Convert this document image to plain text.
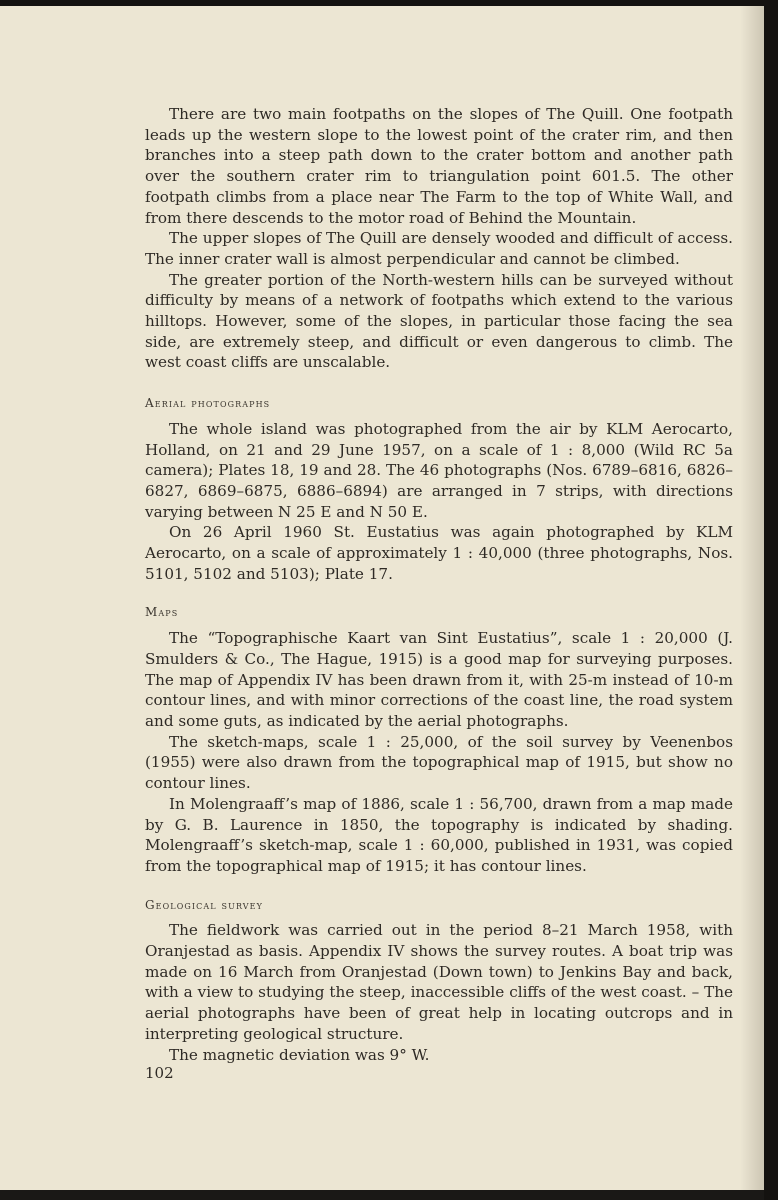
There are two main footpaths on the slopes of The Quill. One footpath leads up the western slope to the lowest point of the crater rim, and then branches into a steep path down to the crater bottom and another path over the southern crater rim to triangulation point 601.5. The other footpath climbs from a place near The Farm to the top of White Wall, and from there descends to the motor road of Behind the Mountain.

The upper slopes of The Quill are densely wooded and difficult of access. The inner crater wall is almost perpendicular and cannot be climbed.

The greater portion of the North-western hills can be surveyed without difficulty by means of a network of footpaths which extend to the various hilltops. However, some of the slopes, in particular those facing the sea side, are extremely steep, and difficult or even dangerous to climb. The west coast cliffs are unscalable.

Aerial photographs

The whole island was photographed from the air by KLM Aerocarto, Holland, on 21 and 29 June 1957, on a scale of 1 : 8,000 (Wild RC 5a camera); Plates 18, 19 and 28. The 46 photographs (Nos. 6789–6816, 6826–6827, 6869–6875, 6886–6894) are arranged in 7 strips, with directions varying between N 25 E and N 50 E.

On 26 April 1960 St. Eustatius was again photographed by KLM Aerocarto, on a scale of approximately 1 : 40,000 (three photographs, Nos. 5101, 5102 and 5103); Plate 17.

Maps

The “Topographische Kaart van Sint Eustatius”, scale 1 : 20,000 (J. Smulders & Co., The Hague, 1915) is a good map for surveying purposes. The map of Appendix IV has been drawn from it, with 25-m instead of 10-m contour lines, and with minor corrections of the coast line, the road system and some guts, as indicated by the aerial photographs.

The sketch-maps, scale 1 : 25,000, of the soil survey by Veenenbos (1955) were also drawn from the topographical map of 1915, but show no contour lines.

In Molengraaff’s map of 1886, scale 1 : 56,700, drawn from a map made by G. B. Laurence in 1850, the topography is indicated by shading. Molengraaff’s sketch-map, scale 1 : 60,000, published in 1931, was copied from the topographical map of 1915; it has contour lines.

Geological survey

The fieldwork was carried out in the period 8–21 March 1958, with Oranjestad as basis. Appendix IV shows the survey routes. A boat trip was made on 16 March from Oranjestad (Down town) to Jenkins Bay and back, with a view to studying the steep, inaccessible cliffs of the west coast. – The aerial photographs have been of great help in locating outcrops and in interpreting geological structure.

The magnetic deviation was 9° W.

102
